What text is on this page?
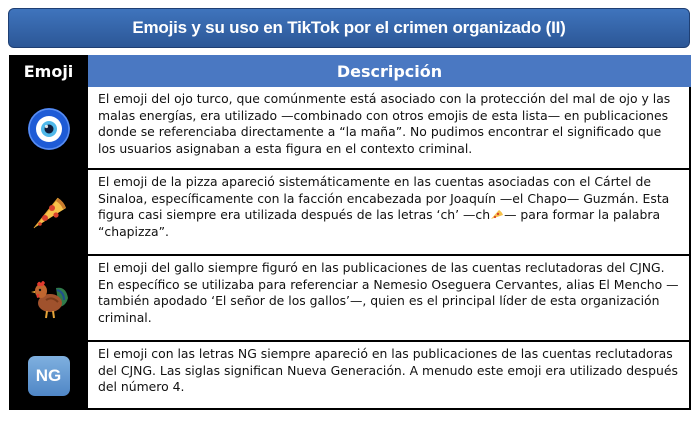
Emojis y su uso en TikTok por el crimen organizado (II)
Emoji	Descripción
El emoji del ojo turco, que comúnmente está asociado con la protección del mal de ojo y las malas energías, era utilizado —combinado con otros emojis de esta lista— en publicaciones donde se referenciaba directamente a “la maña”. No pudimos encontrar el significado que los usuarios asignaban a esta figura en el contexto criminal.
El emoji de la pizza apareció sistemáticamente en las cuentas asociadas con el Cártel de Sinaloa, específicamente con la facción encabezada por Joaquín —el Chapo— Guzmán. Esta figura casi siempre era utilizada después de las letras ‘ch’ —ch — para formar la palabra “chapizza”.
El emoji del gallo siempre figuró en las publicaciones de las cuentas reclutadoras del CJNG. En específico se utilizaba para referenciar a Nemesio Oseguera Cervantes, alias El Mencho —también apodado ‘El señor de los gallos’—, quien es el principal líder de esta organización criminal.
NG
El emoji con las letras NG siempre apareció en las publicaciones de las cuentas reclutadoras del CJNG. Las siglas significan Nueva Generación. A menudo este emoji era utilizado después del número 4.
